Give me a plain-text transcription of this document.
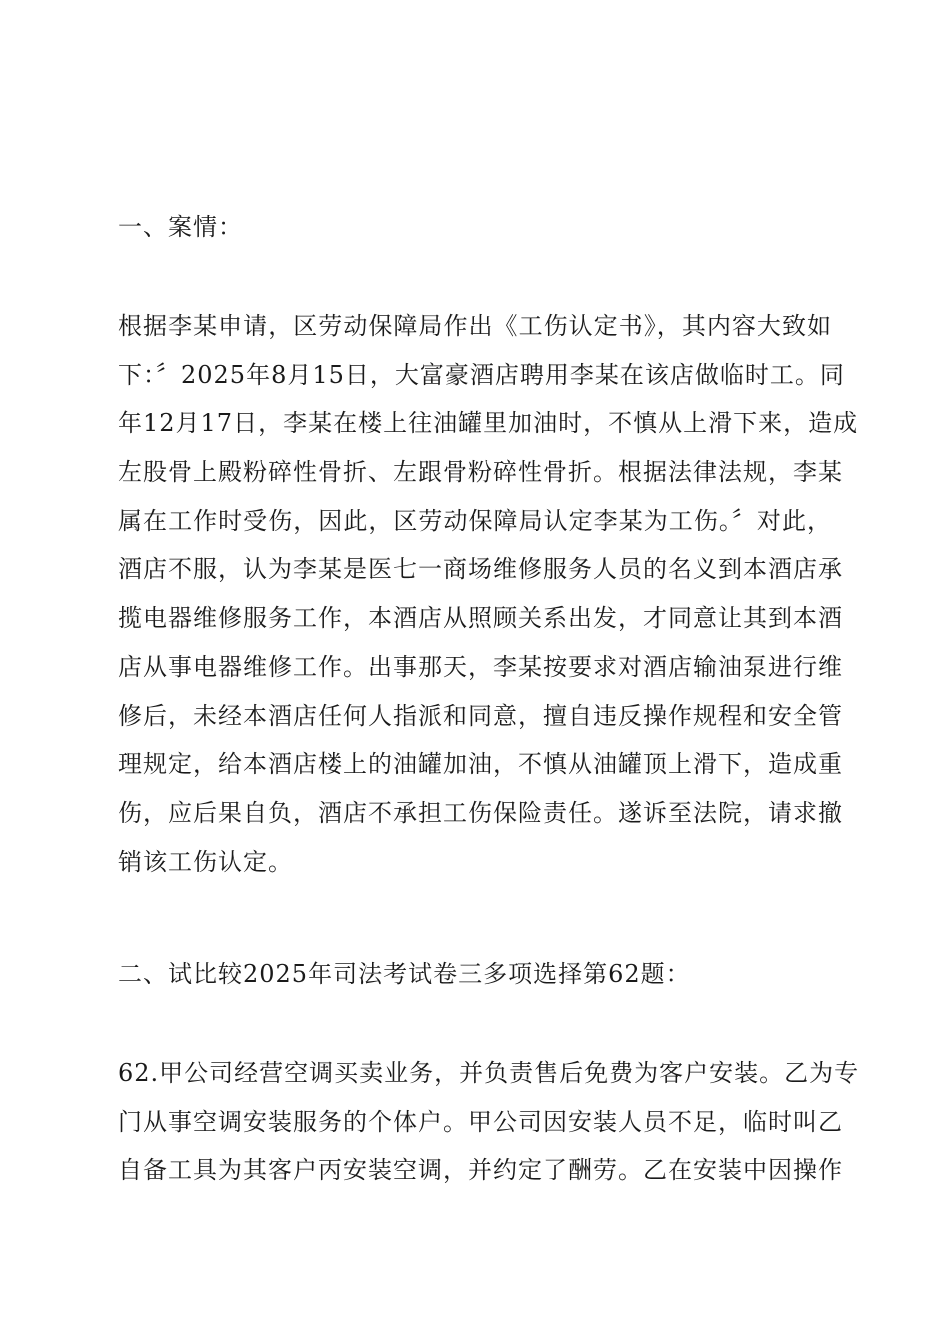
一、案情：
根据李某申请，区劳动保障局作出《工伤认定书》，其内容大致如
下：〞2025年8月15日，大富豪酒店聘用李某在该店做临时工。同
年12月17日，李某在楼上往油罐里加油时，不慎从上滑下来，造成
左股骨上殿粉碎性骨折、左跟骨粉碎性骨折。根据法律法规，李某
属在工作时受伤，因此，区劳动保障局认定李某为工伤。〞对此，
酒店不服，认为李某是医七一商场维修服务人员的名义到本酒店承
揽电器维修服务工作，本酒店从照顾关系出发，才同意让其到本酒
店从事电器维修工作。出事那天，李某按要求对酒店输油泵进行维
修后，未经本酒店任何人指派和同意，擅自违反操作规程和安全管
理规定，给本酒店楼上的油罐加油，不慎从油罐顶上滑下，造成重
伤，应后果自负，酒店不承担工伤保险责任。遂诉至法院，请求撤
销该工伤认定。
二、试比较2025年司法考试卷三多项选择第62题：
62.甲公司经营空调买卖业务，并负责售后免费为客户安装。乙为专
门从事空调安装服务的个体户。甲公司因安装人员不足，临时叫乙
自备工具为其客户丙安装空调，并约定了酬劳。乙在安装中因操作
